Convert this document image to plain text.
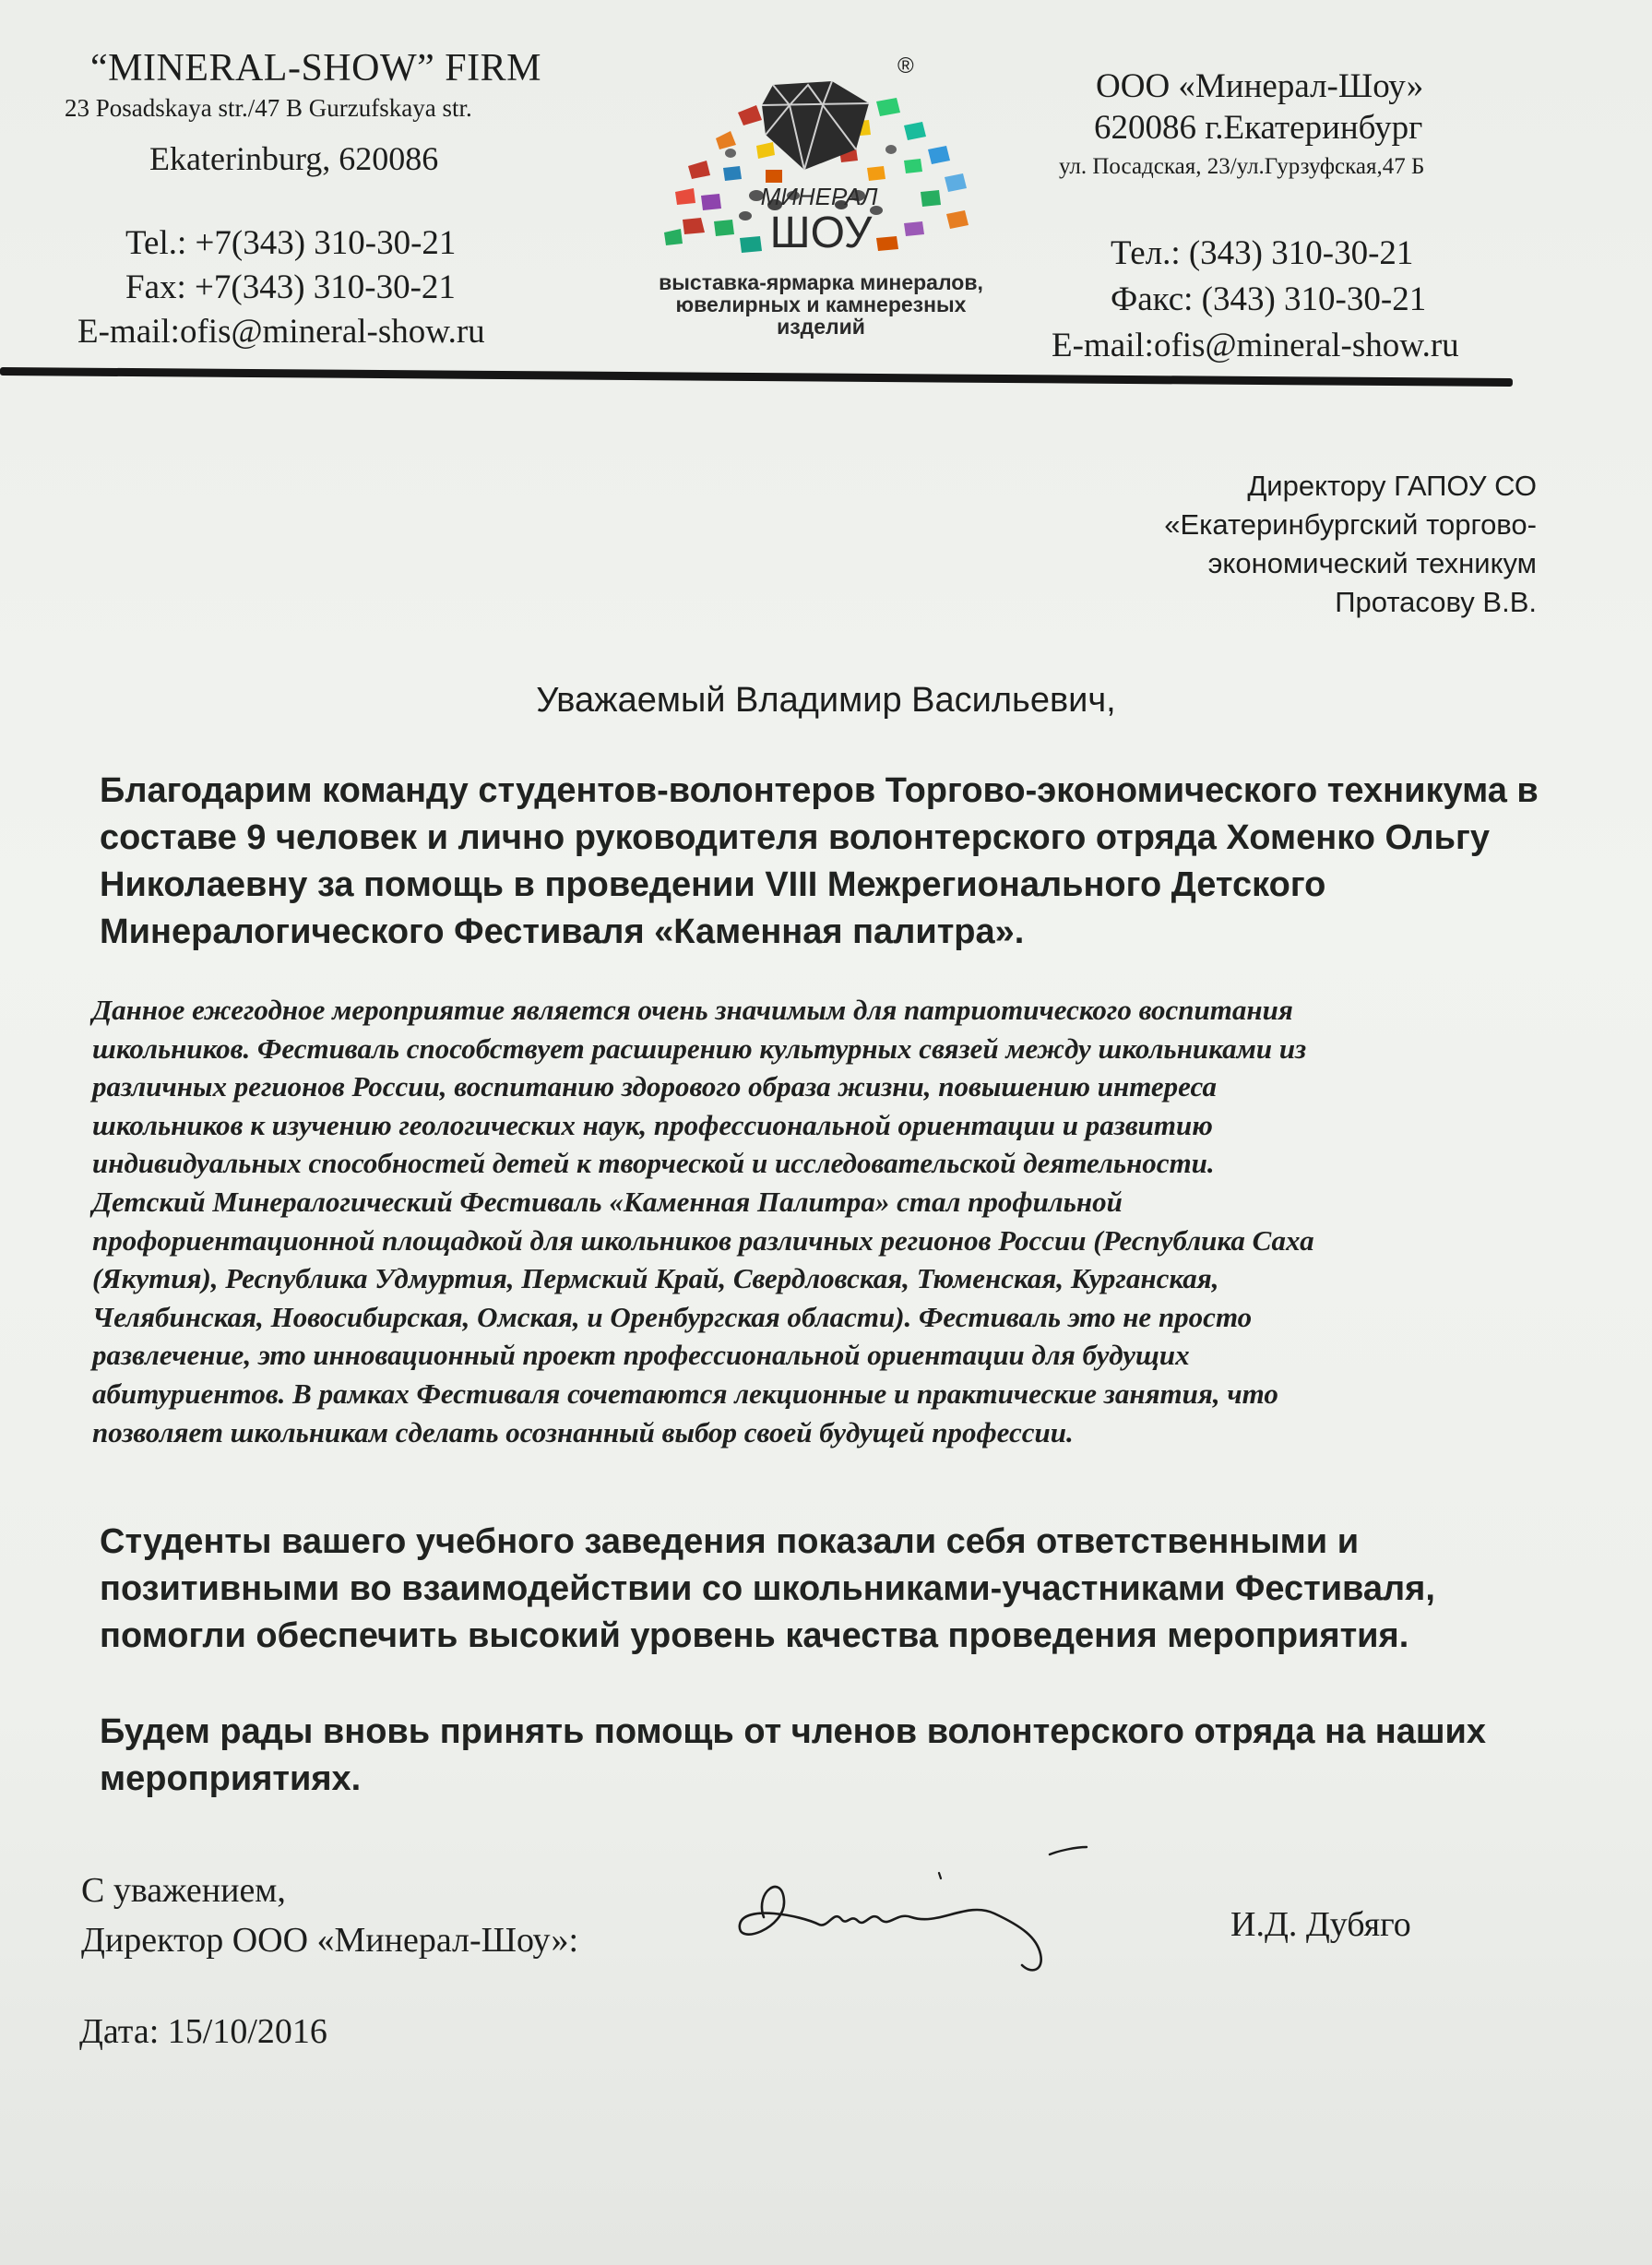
“MINERAL-SHOW” FIRM
23 Posadskaya str./47 B Gurzufskaya str.
Ekaterinburg, 620086
Tel.: +7(343) 310-30-21
Fax: +7(343) 310-30-21
E-mail:ofis@mineral-show.ru
МИНЕРАЛ
ШОУ
®
выставка-ярмарка минералов,
ювелирных и камнерезных
изделий
ООО «Минерал-Шоу»
620086 г.Екатеринбург
ул. Посадская, 23/ул.Гурзуфская,47 Б
Тел.: (343) 310-30-21
Факс: (343) 310-30-21
E-mail:ofis@mineral-show.ru
Директору ГАПОУ СО
«Екатеринбургский торгово-
экономический техникум
Протасову В.В.
Уважаемый Владимир Васильевич,
Благодарим команду студентов-волонтеров Торгово-экономического техникума в
составе 9 человек и лично руководителя волонтерского отряда Хоменко Ольгу
Николаевну за помощь в проведении VIII Межрегионального Детского
Минералогического Фестиваля «Каменная палитра».
Данное ежегодное мероприятие является очень значимым для патриотического воспитания
школьников. Фестиваль способствует расширению культурных связей между школьниками из
различных регионов России, воспитанию здорового образа жизни, повышению интереса
школьников к изучению геологических наук, профессиональной ориентации и развитию
индивидуальных способностей детей к творческой и исследовательской деятельности.
Детский Минералогический Фестиваль «Каменная Палитра» стал профильной
профориентационной площадкой для школьников различных регионов России (Республика Саха
(Якутия), Республика Удмуртия, Пермский Край, Свердловская, Тюменская, Курганская,
Челябинская, Новосибирская, Омская, и Оренбургская области). Фестиваль это не просто
развлечение, это инновационный проект профессиональной ориентации для будущих
абитуриентов. В рамках Фестиваля сочетаются лекционные и практические занятия, что
позволяет школьникам сделать осознанный выбор своей будущей профессии.
Студенты вашего учебного заведения показали себя ответственными и
позитивными во взаимодействии со школьниками-участниками Фестиваля,
помогли обеспечить высокий уровень качества проведения мероприятия.
Будем рады вновь принять помощь от членов волонтерского отряда на наших
мероприятиях.
С уважением,
Директор ООО «Минерал-Шоу»:	И.Д. Дубяго
Дата: 15/10/2016
